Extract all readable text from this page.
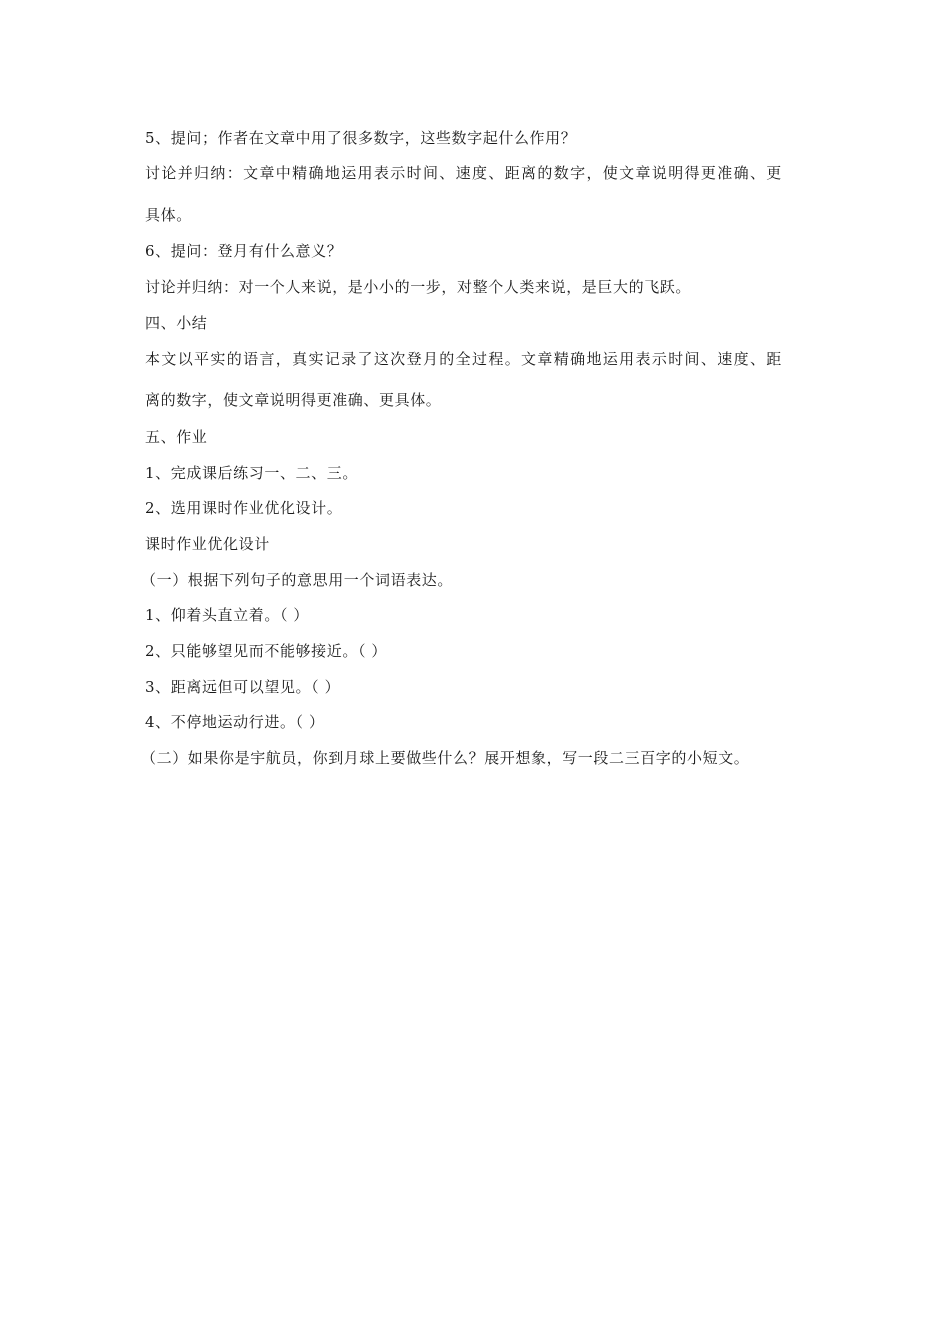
5、提问；作者在文章中用了很多数字，这些数字起什么作用？
讨论并归纳：文章中精确地运用表示时间、速度、距离的数字，使文章说明得更准确、更
具体。
6、提问：登月有什么意义？
讨论并归纳：对一个人来说，是小小的一步，对整个人类来说，是巨大的飞跃。
四、小结
本文以平实的语言，真实记录了这次登月的全过程。文章精确地运用表示时间、速度、距
离的数字，使文章说明得更准确、更具体。
五、作业
1、完成课后练习一、二、三。
2、选用课时作业优化设计。
课时作业优化设计
（一）根据下列句子的意思用一个词语表达。
1、仰着头直立着。（ ）
2、只能够望见而不能够接近。（ ）
3、距离远但可以望见。（ ）
4、不停地运动行进。（ ）
（二）如果你是宇航员，你到月球上要做些什么？展开想象，写一段二三百字的小短文。
